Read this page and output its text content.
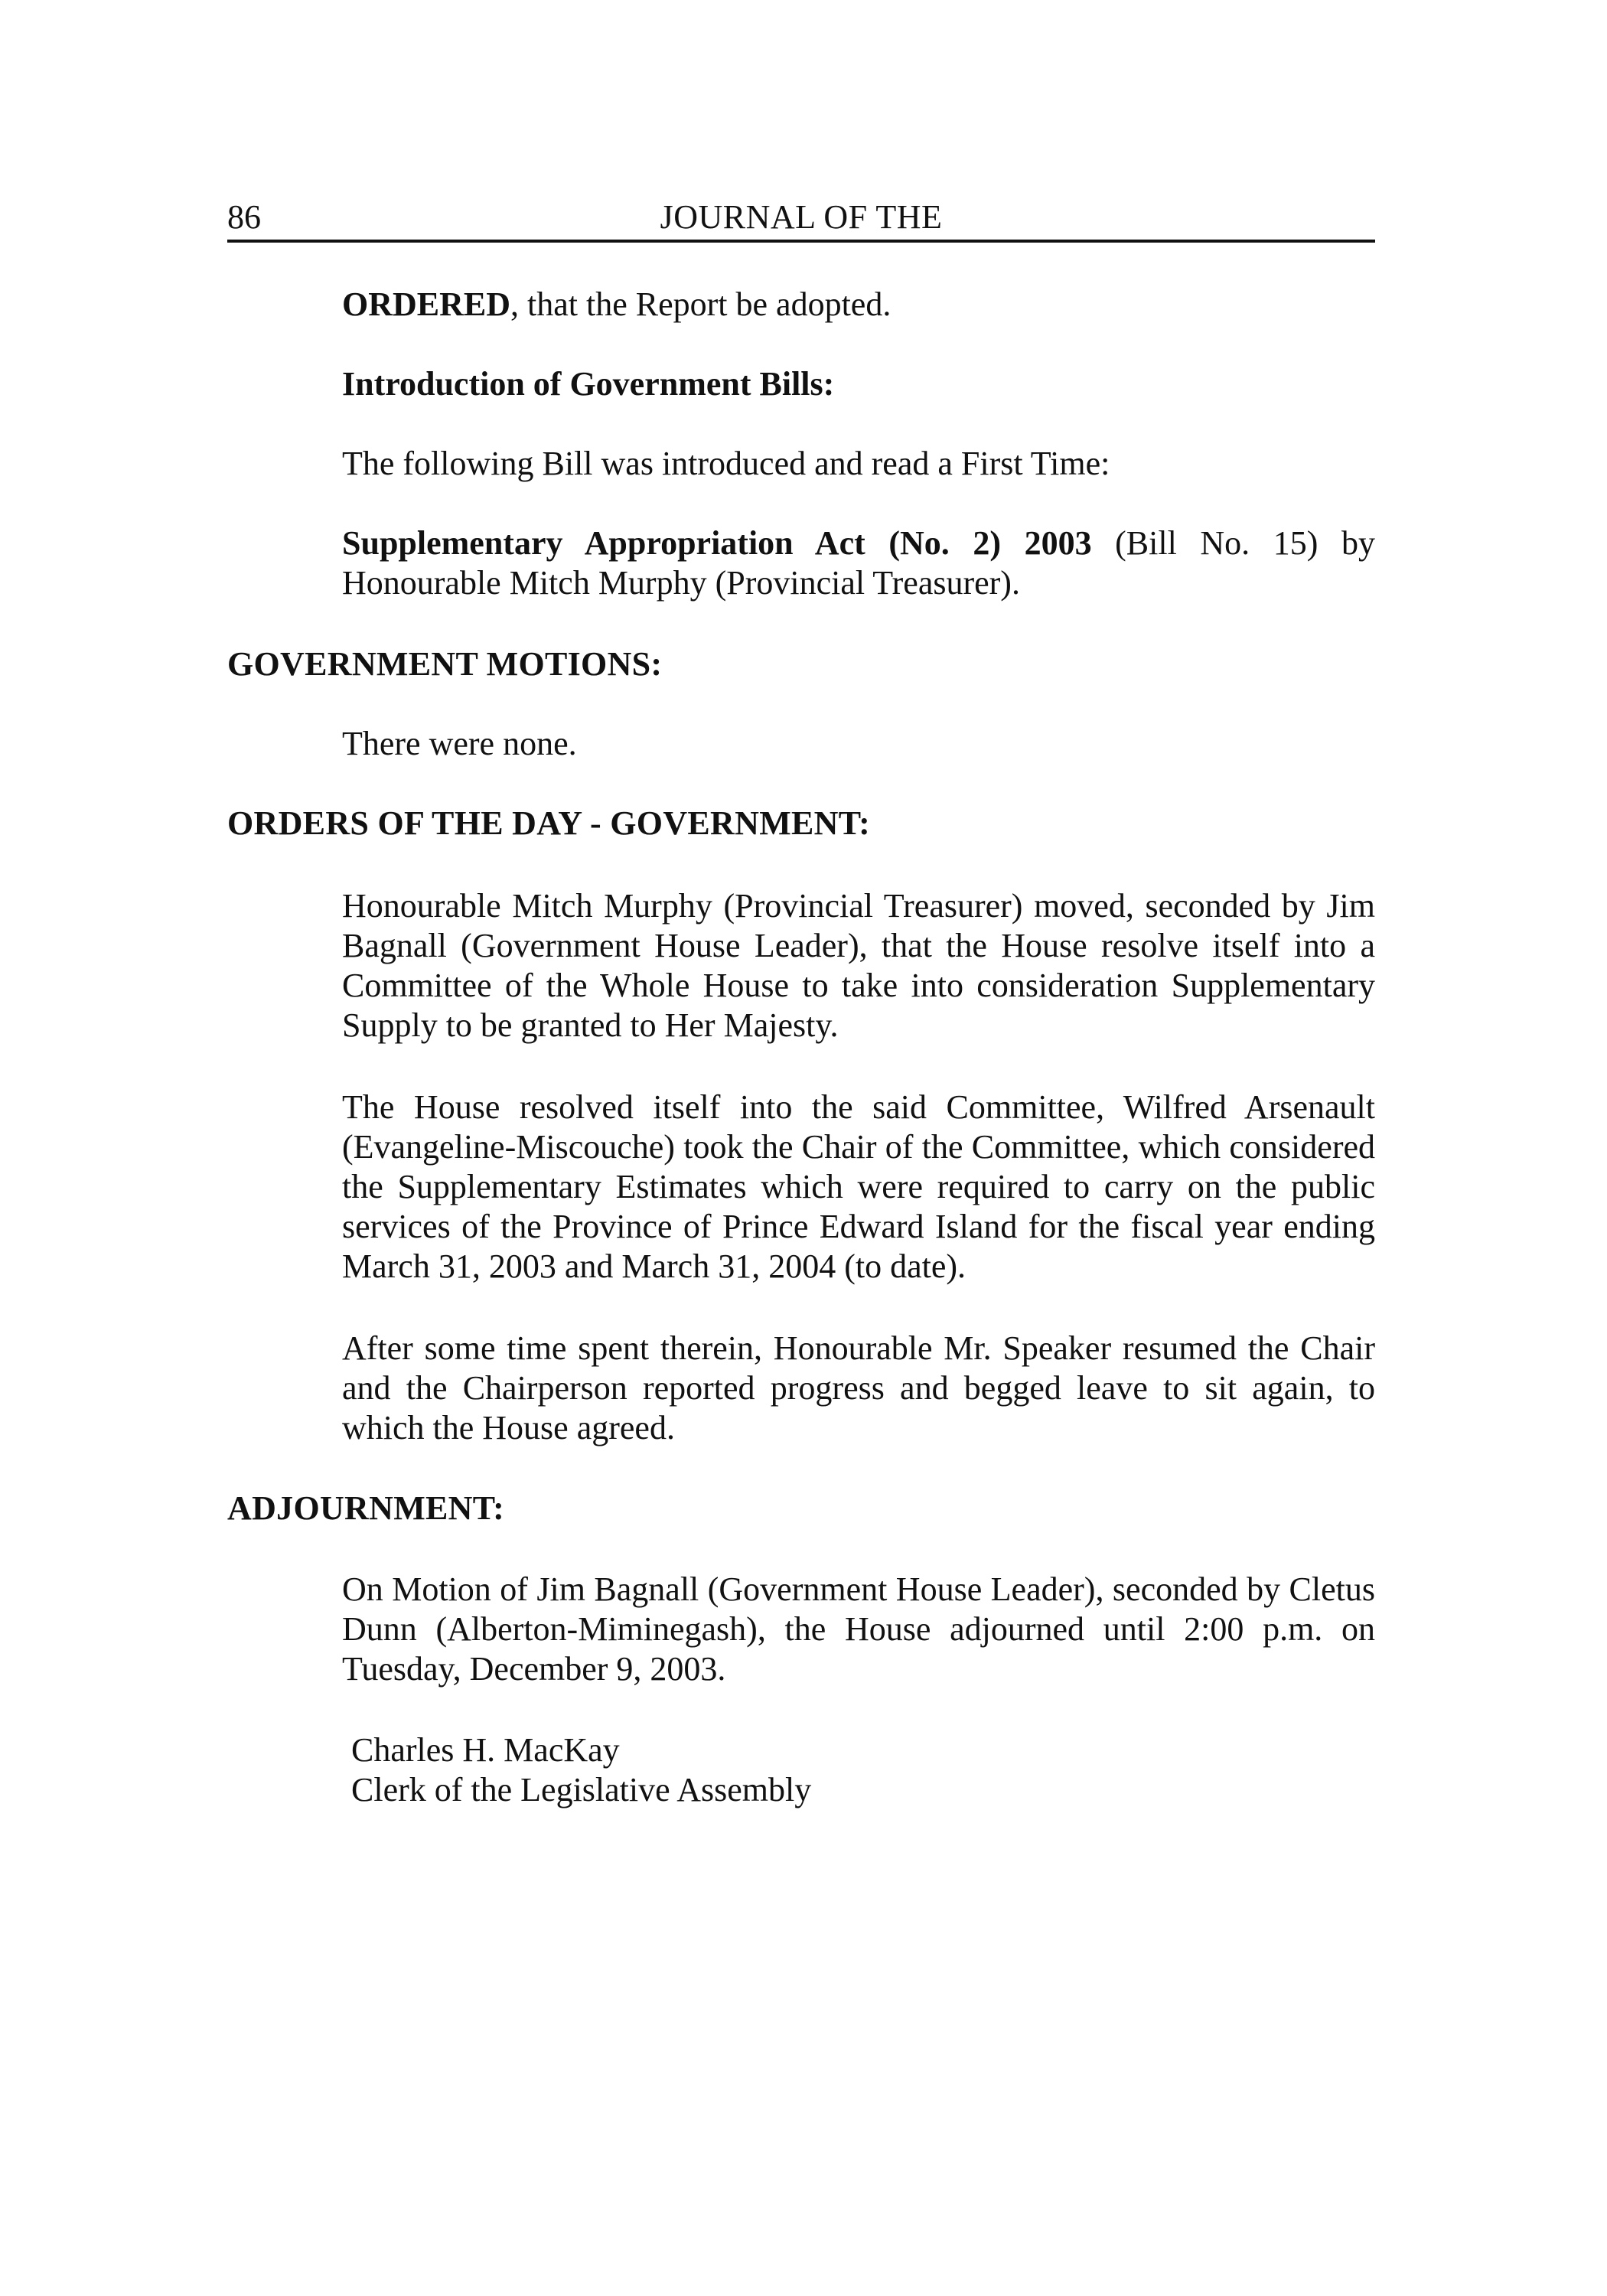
86	JOURNAL OF THE
ORDERED, that the Report be adopted.
Introduction of Government Bills:
The following Bill was introduced and read a First Time:
Supplementary Appropriation Act (No. 2) 2003 (Bill No. 15) by Honourable Mitch Murphy (Provincial Treasurer).
GOVERNMENT MOTIONS:
There were none.
ORDERS OF THE DAY - GOVERNMENT:
Honourable Mitch Murphy (Provincial Treasurer) moved, seconded by Jim Bagnall (Government House Leader), that the House resolve itself into a Committee of the Whole House to take into consideration Supplementary Supply to be granted to Her Majesty.
The House resolved itself into the said Committee, Wilfred Arsenault (Evangeline-Miscouche) took the Chair of the Committee, which considered the Supplementary Estimates which were required to carry on the public services of the Province of Prince Edward Island for the fiscal year ending March 31, 2003 and March 31, 2004 (to date).
After some time spent therein, Honourable Mr. Speaker resumed the Chair and the Chairperson reported progress and begged leave to sit again, to which the House agreed.
ADJOURNMENT:
On Motion of Jim Bagnall (Government House Leader), seconded by Cletus Dunn (Alberton-Miminegash), the House adjourned until 2:00 p.m. on Tuesday, December 9, 2003.
Charles H. MacKay
Clerk of the Legislative Assembly
